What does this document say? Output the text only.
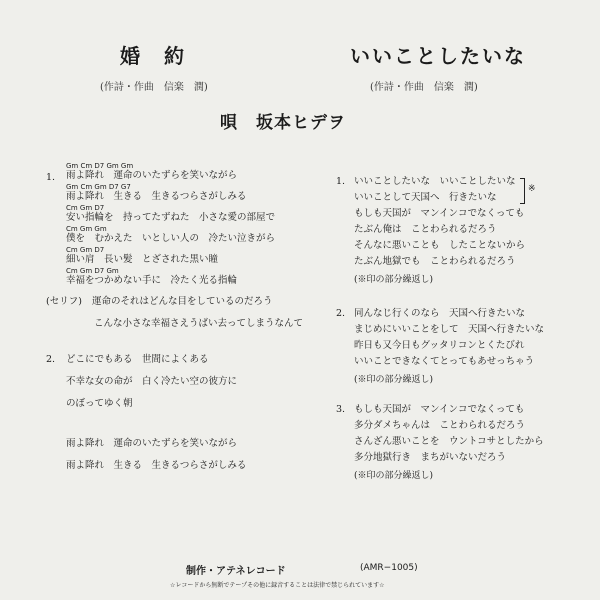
婚　約
(作詩・作曲　信楽　潤)
唄　坂本ヒデヲ
いいことしたいな
(作詩・作曲　信楽　潤)
1.
Gm Cm D7 Gm Gm
雨よ降れ　運命のいたずらを笑いながら
Gm Cm Gm D7 G7
雨よ降れ　生きる　生きるつらさがしみる
Cm Gm D7
安い指輪を　持ってたずねた　小さな愛の部屋で
Cm Gm Gm
僕を　むかえた　いとしい人の　冷たい泣きがら
Cm Gm D7
細い肩　長い髪　とざされた黒い瞳
Cm Gm D7 Gm
幸福をつかめない手に　冷たく光る指輪
(セリフ) 運命のそれはどんな目をしているのだろう
こんな小さな幸福さえうばい去ってしまうなんて
2. どこにでもある　世間によくある
不幸な女の命が　白く冷たい空の彼方に
のぼってゆく朝
雨よ降れ　運命のいたずらを笑いながら
雨よ降れ　生きる　生きるつらさがしみる
1. いいことしたいな　いいことしたいな
いいことして天国へ　行きたいな
※
もしも天国が　マンインコでなくっても
たぶん俺は　ことわられるだろう
そんなに悪いことも　したことないから
たぶん地獄でも　ことわられるだろう
(※印の部分繰返し)
2. 同んなじ行くのなら　天国へ行きたいな
まじめにいいことをして　天国へ行きたいな
昨日も又今日もグッタリコンとくたびれ
いいことできなくてとってもあせっちゃう
(※印の部分繰返し)
3. もしも天国が　マンインコでなくっても
多分ダメちゃんは　ことわられるだろう
さんざん悪いことを　ウントコサとしたから
多分地獄行き　まちがいないだろう
(※印の部分繰返し)
制作・アテネレコード	(AMR−1005)
☆レコードから無断でテープその他に録音することは法律で禁じられています☆
